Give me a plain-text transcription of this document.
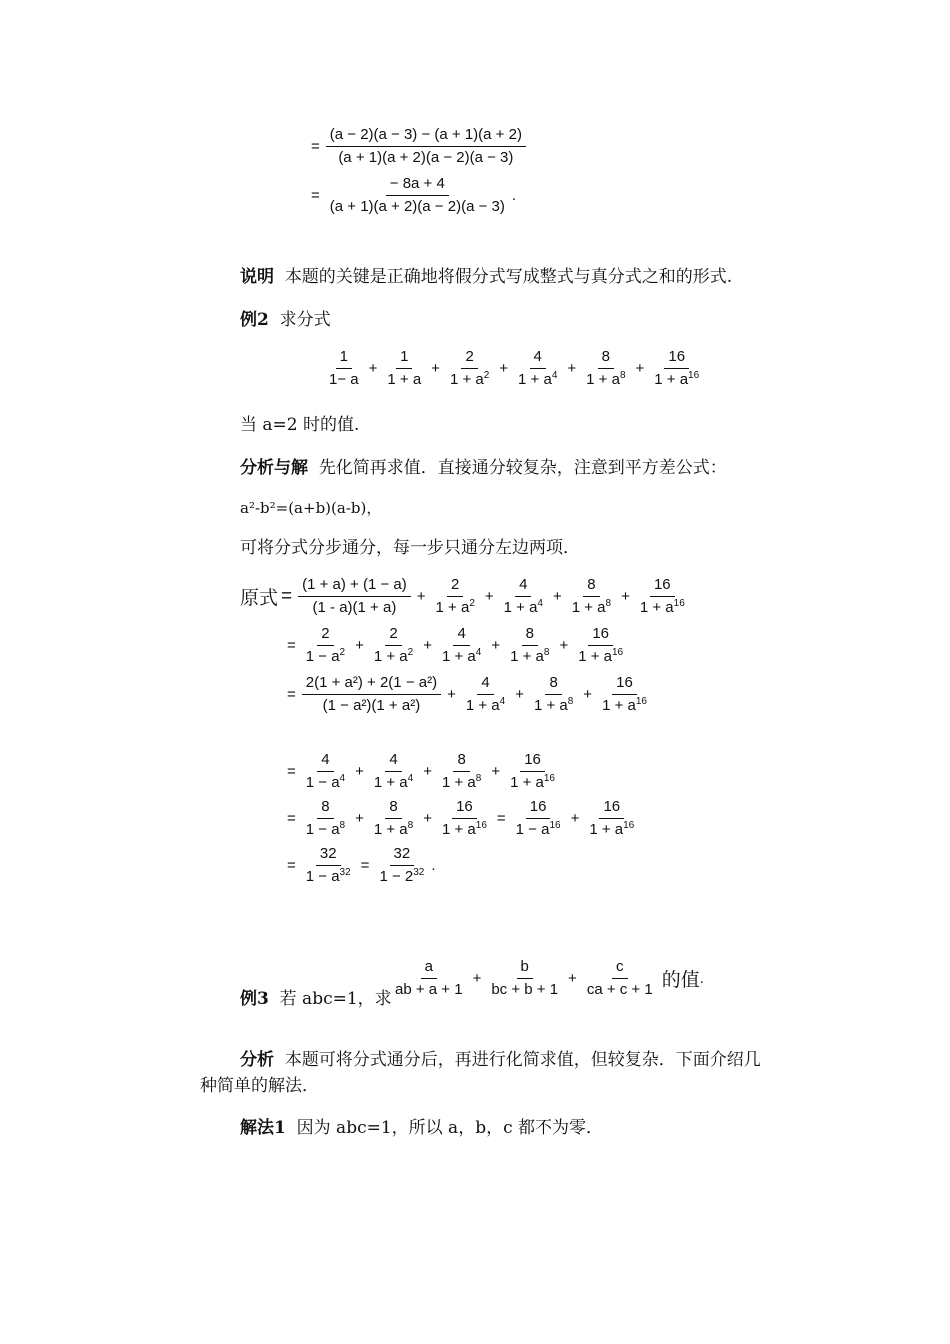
= $\frac{(a - 2)(a - 3) - (a + 1)(a + 2)}{(a + 1)(a + 2)(a - 2)(a - 3)}$
= $\frac{- 8a + 4}{(a + 1)(a + 2)(a - 2)(a - 3)}$ .
说明 本题的关键是正确地将假分式写成整式与真分式之和的形式.
例2 求分式
$\frac{1}{1- a} + \frac{1}{1 + a} + \frac{2}{1 + a^2} + \frac{4}{1 + a^4} + \frac{8}{1 + a^8} + \frac{16}{1 + a^{16}}$
当 a=2 时的值.
分析与解 先化简再求值．直接通分较复杂，注意到平方差公式：
a²-b²=(a+b)(a-b)，
可将分式分步通分，每一步只通分左边两项．
原式 = $\frac{(1 + a) + (1 - a)}{(1 - a)(1 + a)} + \frac{2}{1 + a^2} + \frac{4}{1 + a^4} + \frac{8}{1 + a^8} + \frac{16}{1 + a^{16}}$
= $\frac{2}{1 - a^2} + \frac{2}{1 + a^2} + \frac{4}{1 + a^4} + \frac{8}{1 + a^8} + \frac{16}{1 + a^{16}}$
= $\frac{\text{2(1 + a²) + 2(1 − a²)}}{\text{(1 − a²)(1 + a²)}} + \frac{4}{1 + a^4} + \frac{8}{1 + a^8} + \frac{16}{1 + a^{16}}$
= $\frac{4}{1 - a^4} + \frac{4}{1 + a^4} + \frac{8}{1 + a^8} + \frac{16}{1 + a^{16}}$
= $\frac{8}{1 - a^8} + \frac{8}{1 + a^8} + \frac{16}{1 + a^{16}} = \frac{16}{1 - a^{16}} + \frac{16}{1 + a^{16}}$
= $\frac{32}{1 - a^{32}} = \frac{32}{1 - 2^{32}}$ .
例3 若 abc=1，求 $\frac{a}{ab + a + 1} + \frac{b}{bc + b + 1} + \frac{c}{ca + c + 1}$ 的值 .
分析 本题可将分式通分后，再进行化简求值，但较复杂．下面介绍几
种简单的解法．
解法1 因为 abc=1，所以 a，b，c 都不为零．
